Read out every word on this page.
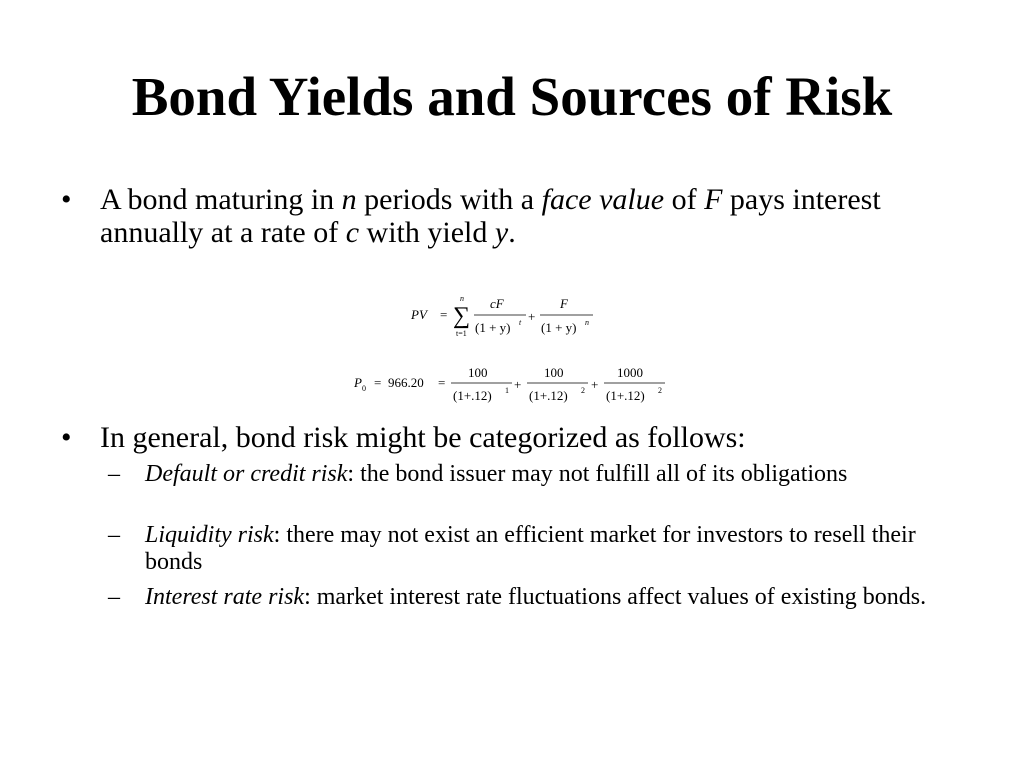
Bond Yields and Sources of Risk
• A bond maturing in n periods with a face value of F pays interest annually at a rate of c with yield y.
PV =
n
∑
t=1
cF
(1 + y) t +
F
(1 + y) n
P 0 = 966.20 =
100
(1+.12) 1 +
100
(1+.12) 2 +
1000
(1+.12) 2
• In general, bond risk might be categorized as follows:
– Default or credit risk: the bond issuer may not fulfill all of its obligations
– Liquidity risk: there may not exist an efficient market for investors to resell their bonds
– Interest rate risk: market interest rate fluctuations affect values of existing bonds.
